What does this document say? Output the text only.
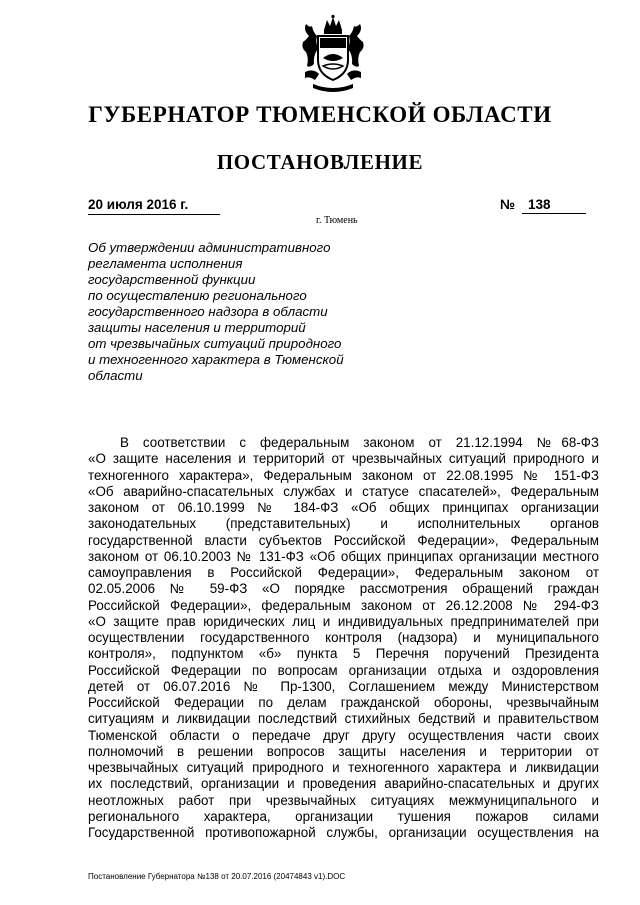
ГУБЕРНАТОР ТЮМЕНСКОЙ ОБЛАСТИ
ПОСТАНОВЛЕНИЕ
20 июля 2016 г.	№ 138
г. Тюмень
Об утверждении административного
регламента исполнения
государственной функции
по осуществлению регионального
государственного надзора в области
защиты населения и территорий
от чрезвычайных ситуаций природного
и техногенного характера в Тюменской
области
В соответствии с федеральным законом от 21.12.1994 №68-ФЗ
«О защите населения и территорий от чрезвычайных ситуаций природного и
техногенного характера», Федеральным законом от 22.08.1995 № 151-ФЗ
«Об аварийно-спасательных службах и статусе спасателей», Федеральным
законом от 06.10.1999 № 184-ФЗ «Об общих принципах организации
законодательных (представительных) и исполнительных органов
государственной власти субъектов Российской Федерации», Федеральным
законом от 06.10.2003 № 131-ФЗ «Об общих принципах организации местного
самоуправления в Российской Федерации», Федеральным законом от
02.05.2006 № 59-ФЗ «О порядке рассмотрения обращений граждан
Российской Федерации», федеральным законом от 26.12.2008 № 294-ФЗ
«О защите прав юридических лиц и индивидуальных предпринимателей при
осуществлении государственного контроля (надзора) и муниципального
контроля», подпунктом «б» пункта 5 Перечня поручений Президента
Российской Федерации по вопросам организации отдыха и оздоровления
детей от 06.07.2016 № Пр-1300, Соглашением между Министерством
Российской Федерации по делам гражданской обороны, чрезвычайным
ситуациям и ликвидации последствий стихийных бедствий и правительством
Тюменской области о передаче друг другу осуществления части своих
полномочий в решении вопросов защиты населения и территории от
чрезвычайных ситуаций природного и техногенного характера и ликвидации
их последствий, организации и проведения аварийно-спасательных и других
неотложных работ при чрезвычайных ситуациях межмуниципального и
регионального характера, организации тушения пожаров силами
Государственной противопожарной службы, организации осуществления на
Постановление Губернатора №138 от 20.07.2016 (20474843 v1).DOC
